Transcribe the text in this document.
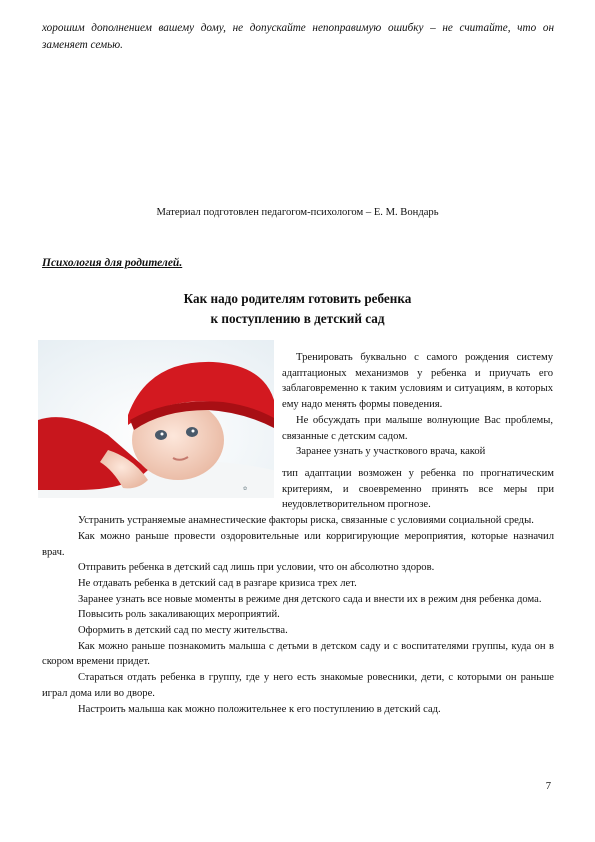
хорошим дополнением вашему дому, не допускайте непоправимую ошибку – не считайте, что он заменяет семью.
Материал подготовлен педагогом-психологом – Е. М. Вондарь
Психология для родителей.
Как надо родителям готовить ребенка
к поступлению в детский сад
✿

Тренировать буквально с самого рождения систему адаптационых механизмов у ребенка и приучать его заблаговременно к таким условиям и ситуациям, в которых ему надо менять формы поведения.

Не обсуждать при малыше волнующие Вас проблемы, связанные с детским садом.

Заранее узнать у участкового врача, какой

тип адаптации возможен у ребенка по прогнатическим критериям, и своевременно принять все меры при неудовлетворительном прогнозе.

Устранить устраняемые анамнестические факторы риска, связанные с условиями социальной среды.

Как можно раньше провести оздоровительные или корригирующие мероприятия, которые назначил врач.

Отправить ребенка в детский сад лишь при условии, что он абсолютно здоров.

Не отдавать ребенка в детский сад в разгаре кризиса трех лет.

Заранее узнать все новые моменты в режиме дня детского сада и внести их в режим дня ребенка дома.

Повысить роль закаливающих мероприятий.

Оформить в детский сад по месту жительства.

Как можно раньше познакомить малыша с детьми в детском саду и с воспитателями группы, куда он в скором времени придет.

Стараться отдать ребенка в группу, где у него есть знакомые ровесники, дети, с которыми он раньше играл дома или во дворе.

Настроить малыша как можно положительнее к его поступлению в детский сад.

7
